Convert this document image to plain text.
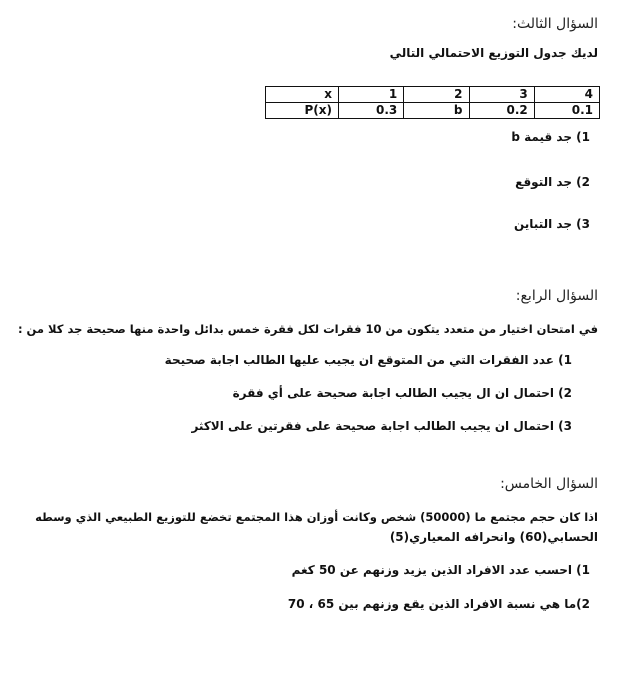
السؤال الثالث:
لديك جدول التوزيع الاحتمالي التالي
x	1	2	3	4
P(x)	0.3	b	0.2	0.1
1) جد قيمة b
2) جد التوقع
3) جد التباين
السؤال الرابع:
في امتحان اختيار من متعدد يتكون من 10 فقرات لكل فقرة خمس بدائل واحدة منها صحيحة جد كلا من :
1) عدد الفقرات التي من المتوقع ان يجيب عليها الطالب اجابة صحيحة
2) احتمال ان ال يجيب الطالب اجابة صحيحة على أي فقرة
3) احتمال ان يجيب الطالب اجابة صحيحة على فقرتين على الاكثر
السؤال الخامس:
اذا كان حجم مجتمع ما (50000) شخص وكانت أوزان هذا المجتمع تخضع للتوزيع الطبيعي الذي وسطه
الحسابي(60) وانحرافه المعياري(5)
1) احسب عدد الافراد الذين يزيد وزنهم عن 50 كغم
2)ما هي نسبة الافراد الذين يقع وزنهم بين 65 ، 70
